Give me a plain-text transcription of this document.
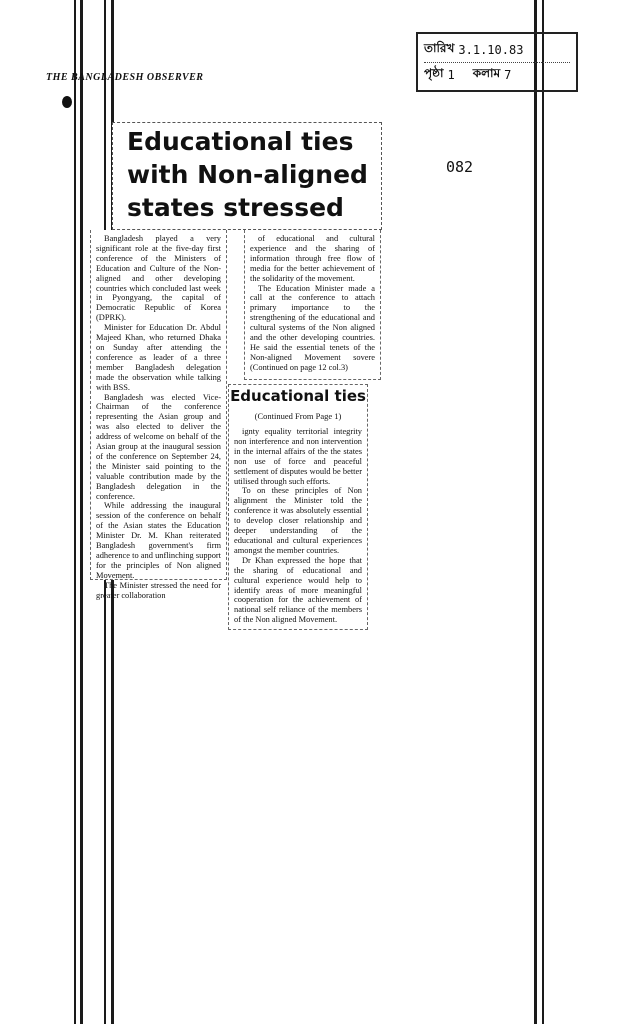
তারিখ 3.1.10.83
পৃষ্ঠা 1 কলাম 7
THE BANGLADESH OBSERVER
082
Educational ties
with Non-aligned
states stressed

Bangladesh played a very significant role at the five-day first conference of the Ministers of Education and Culture of the Non-aligned and other developing countries which concluded last week in Pyongyang, the capital of Democratic Republic of Korea (DPRK).

Minister for Education Dr. Abdul Majeed Khan, who returned Dhaka on Sunday after attending the conference as leader of a three member Bangladesh delegation made the observation while talking with BSS.

Bangladesh was elected Vice-Chairman of the conference representing the Asian group and was also elected to deliver the address of welcome on behalf of the Asian group at the inaugural session of the conference on September 24, the Minister said pointing to the valuable contribution made by the Bangladesh delegation in the conference.

While addressing the inaugural session of the conference on behalf of the Asian states the Education Minister Dr. M. Khan reiterated Bangladesh government's firm adherence to and unflinching support for the principles of Non aligned Movement.

The Minister stressed the need for greater collaboration

of educational and cultural experience and the sharing of information through free flow of media for the better achievement of the solidarity of the movement.

The Education Minister made a call at the conference to attach primary importance to the strengthening of the educational and cultural systems of the Non aligned and the other developing countries. He said the essential tenets of the Non-aligned Movement sovere (Continued on page 12 col.3)

Educational ties
(Continued From Page 1)

ignty equality territorial integrity non interference and non intervention in the internal affairs of the the states non use of force and peaceful settlement of disputes would be better utilised through such efforts.

To on these principles of Non alignment the Minister told the conference it was absolutely essential to develop closer relationship and deeper understanding of the educational and cultural experiences amongst the member countries.

Dr Khan expressed the hope that the sharing of educational and cultural experience would help to identify areas of more meaningful cooperation for the achievement of national self reliance of the members of the Non aligned Movement.
